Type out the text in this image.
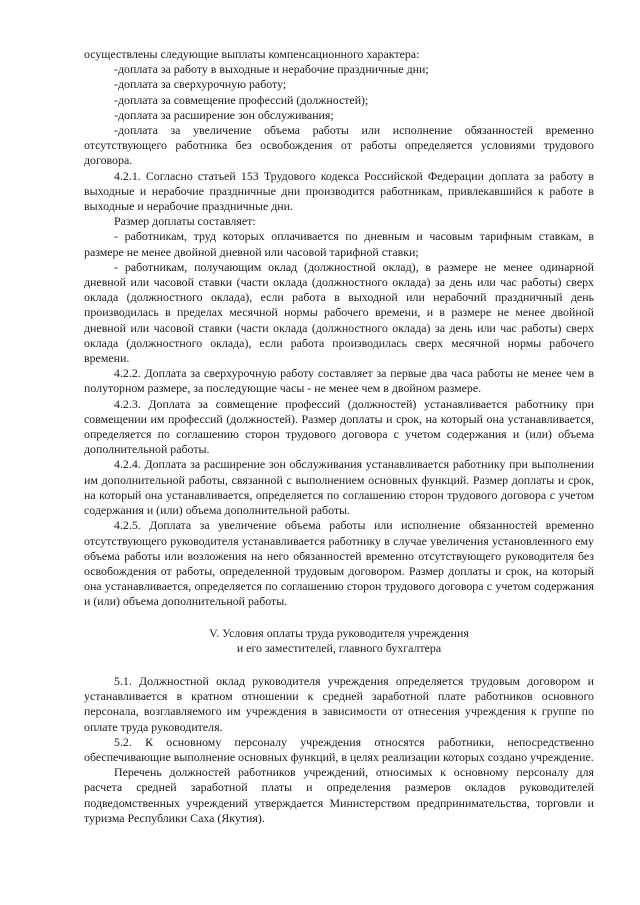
осуществлены следующие выплаты компенсационного характера:

-доплата за работу в выходные и нерабочие праздничные дни;

-доплата за сверхурочную работу;

-доплата за совмещение профессий (должностей);

-доплата за расширение зон обслуживания;

-доплата за увеличение объема работы или исполнение обязанностей временно отсутствующего работника без освобождения от работы определяется условиями трудового договора.

4.2.1. Согласно статьей 153 Трудового кодекса Российской Федерации доплата за работу в выходные и нерабочие праздничные дни производится работникам, привлекавшийся к работе в выходные и нерабочие праздничные дни.

Размер доплаты составляет:

- работникам, труд которых оплачивается по дневным и часовым тарифным ставкам, в размере не менее двойной дневной или часовой тарифной ставки;

- работникам, получающим оклад (должностной оклад), в размере не менее одинарной дневной или часовой ставки (части оклада (должностного оклада) за день или час работы) сверх оклада (должностного оклада), если работа в выходной или нерабочий праздничный день производилась в пределах месячной нормы рабочего времени, и в размере не менее двойной дневной или часовой ставки (части оклада (должностного оклада) за день или час работы) сверх оклада (должностного оклада), если работа производилась сверх месячной нормы рабочего времени.

4.2.2. Доплата за сверхурочную работу составляет за первые два часа работы не менее чем в полуторном размере, за последующие часы - не менее чем в двойном размере.

4.2.3. Доплата за совмещение профессий (должностей) устанавливается работнику при совмещении им профессий (должностей). Размер доплаты и срок, на который она устанавливается, определяется по соглашению сторон трудового договора с учетом содержания и (или) объема дополнительной работы.

4.2.4. Доплата за расширение зон обслуживания устанавливается работнику при выполнении им дополнительной работы, связанной с выполнением основных функций. Размер доплаты и срок, на который она устанавливается, определяется по соглашению сторон трудового договора с учетом содержания и (или) объема дополнительной работы.

4.2.5. Доплата за увеличение объема работы или исполнение обязанностей временно отсутствующего руководителя устанавливается работнику в случае увеличения установленного ему объема работы или возложения на него обязанностей временно отсутствующего руководителя без освобождения от работы, определенной трудовым договором. Размер доплаты и срок, на который она устанавливается, определяется по соглашению сторон трудового договора с учетом содержания и (или) объема дополнительной работы.

V. Условия оплаты труда руководителя учреждения
и его заместителей, главного бухгалтера

5.1. Должностной оклад руководителя учреждения определяется трудовым договором и устанавливается в кратном отношении к средней заработной плате работников основного персонала, возглавляемого им учреждения в зависимости от отнесения учреждения к группе по оплате труда руководителя.

5.2. К основному персоналу учреждения относятся работники, непосредственно обеспечивающие выполнение основных функций, в целях реализации которых создано учреждение.

Перечень должностей работников учреждений, относимых к основному персоналу для расчета средней заработной платы и определения размеров окладов руководителей подведомственных учреждений утверждается Министерством предпринимательства, торговли и туризма Республики Саха (Якутия).
